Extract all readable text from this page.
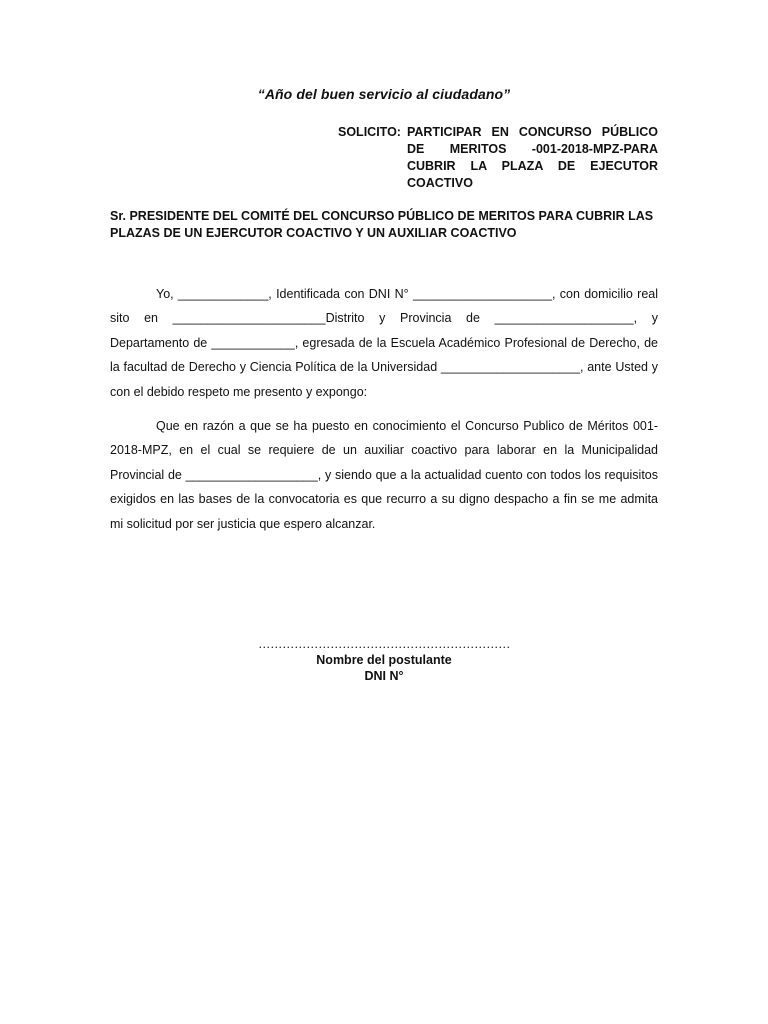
“Año del buen servicio al ciudadano”
SOLICITO: PARTICIPAR EN CONCURSO PÚBLICO DE MERITOS -001-2018-MPZ-PARA CUBRIR LA PLAZA DE EJECUTOR COACTIVO
Sr. PRESIDENTE DEL COMITÉ DEL CONCURSO PÚBLICO DE MERITOS PARA CUBRIR LAS PLAZAS DE UN EJERCUTOR COACTIVO Y UN AUXILIAR COACTIVO

Yo, _____________, Identificada con DNI N° ____________________, con domicilio real sito en ______________________Distrito y Provincia de ____________________, y Departamento de ____________, egresada de la Escuela Académico Profesional de Derecho, de la facultad de Derecho y Ciencia Política de la Universidad ____________________, ante Usted y con el debido respeto me presento y expongo:

Que en razón a que se ha puesto en conocimiento el Concurso Publico de Méritos 001-2018-MPZ, en el cual se requiere de un auxiliar coactivo para laborar en la Municipalidad Provincial de ___________________, y siendo que a la actualidad cuento con todos los requisitos exigidos en las bases de la convocatoria es que recurro a su digno despacho a fin se me admita mi solicitud por ser justicia que espero alcanzar.

………………………………………………………
Nombre del postulante
DNI N°
